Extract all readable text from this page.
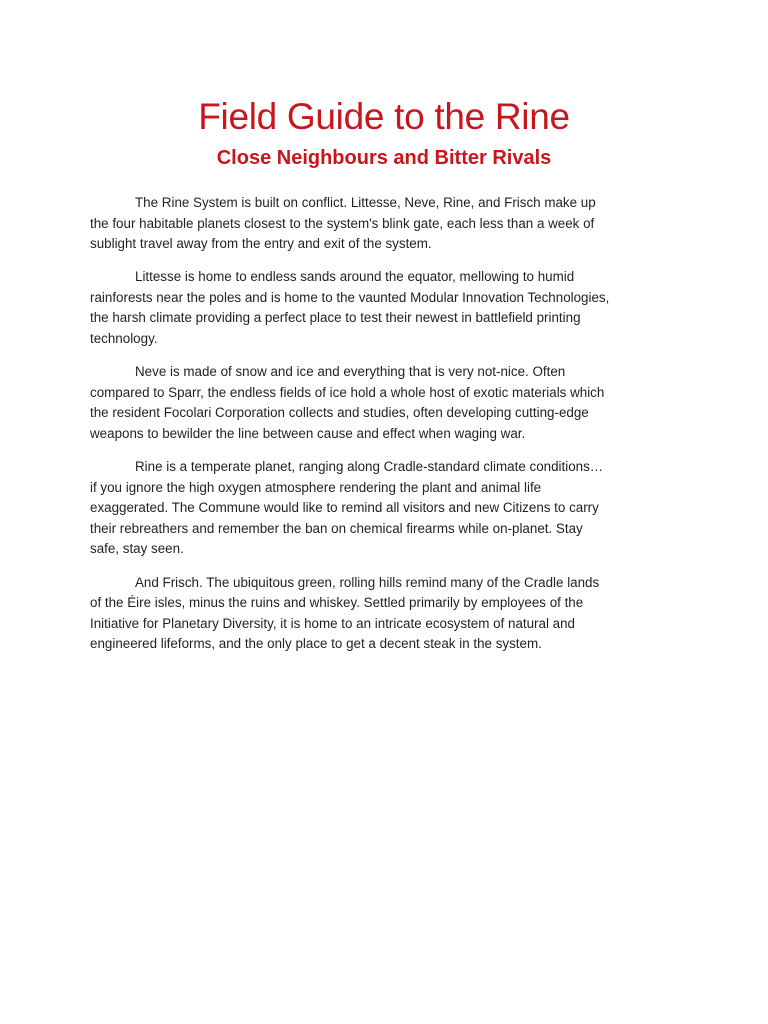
Field Guide to the Rine
Close Neighbours and Bitter Rivals

The Rine System is built on conflict. Littesse, Neve, Rine, and Frisch make up the four habitable planets closest to the system's blink gate, each less than a week of sublight travel away from the entry and exit of the system.

Littesse is home to endless sands around the equator, mellowing to humid rainforests near the poles and is home to the vaunted Modular Innovation Technologies, the harsh climate providing a perfect place to test their newest in battlefield printing technology.

Neve is made of snow and ice and everything that is very not-nice. Often compared to Sparr, the endless fields of ice hold a whole host of exotic materials which the resident Focolari Corporation collects and studies, often developing cutting-edge weapons to bewilder the line between cause and effect when waging war.

Rine is a temperate planet, ranging along Cradle-standard climate conditions… if you ignore the high oxygen atmosphere rendering the plant and animal life exaggerated. The Commune would like to remind all visitors and new Citizens to carry their rebreathers and remember the ban on chemical firearms while on-planet. Stay safe, stay seen.

And Frisch. The ubiquitous green, rolling hills remind many of the Cradle lands of the Éire isles, minus the ruins and whiskey. Settled primarily by employees of the Initiative for Planetary Diversity, it is home to an intricate ecosystem of natural and engineered lifeforms, and the only place to get a decent steak in the system.
